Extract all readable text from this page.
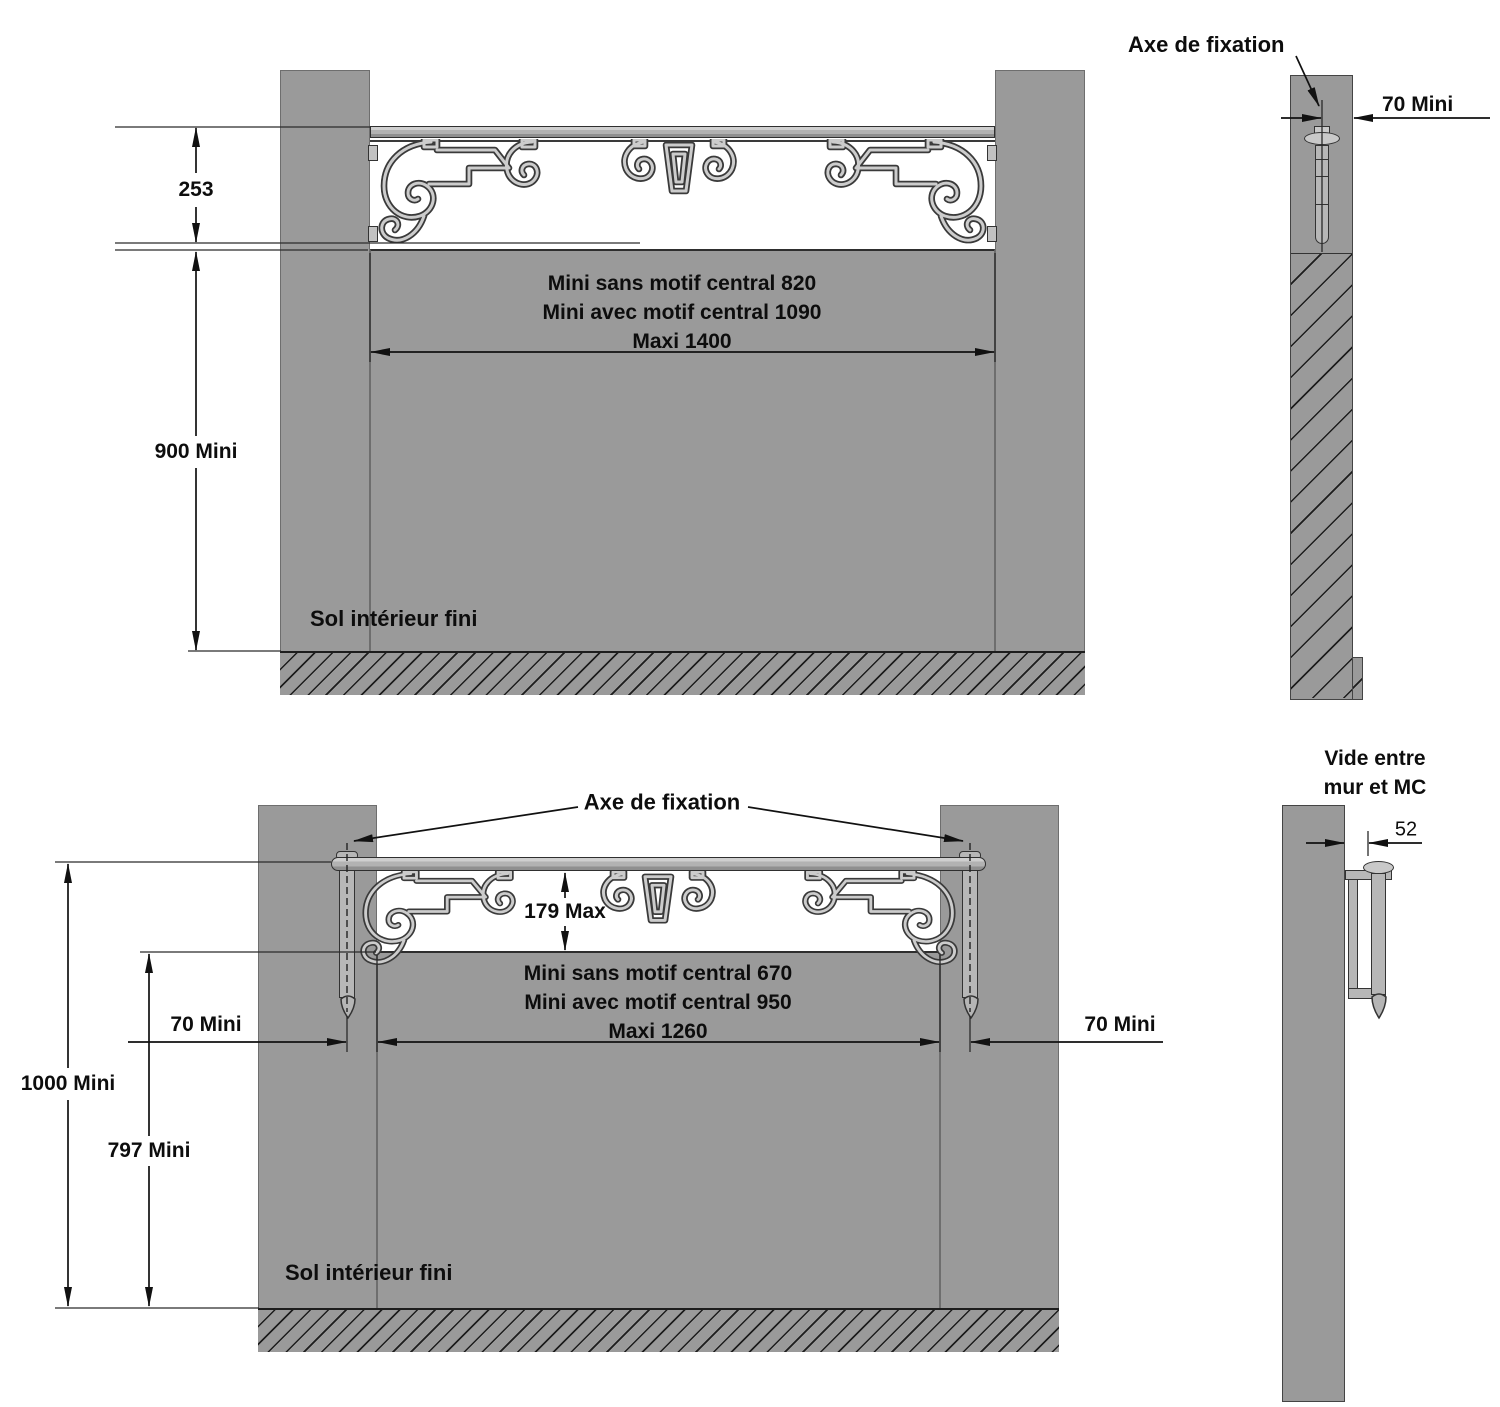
253
900 Mini
Mini sans motif central 820
Mini avec motif central 1090
Maxi 1400
Sol intérieur fini
Axe de fixation
70 Mini
Axe de fixation
179 Max
Mini sans motif central 670
Mini avec motif central 950
Maxi 1260
70 Mini	70 Mini
1000 Mini
797 Mini
Sol intérieur fini
Vide entre
mur et MC
52
